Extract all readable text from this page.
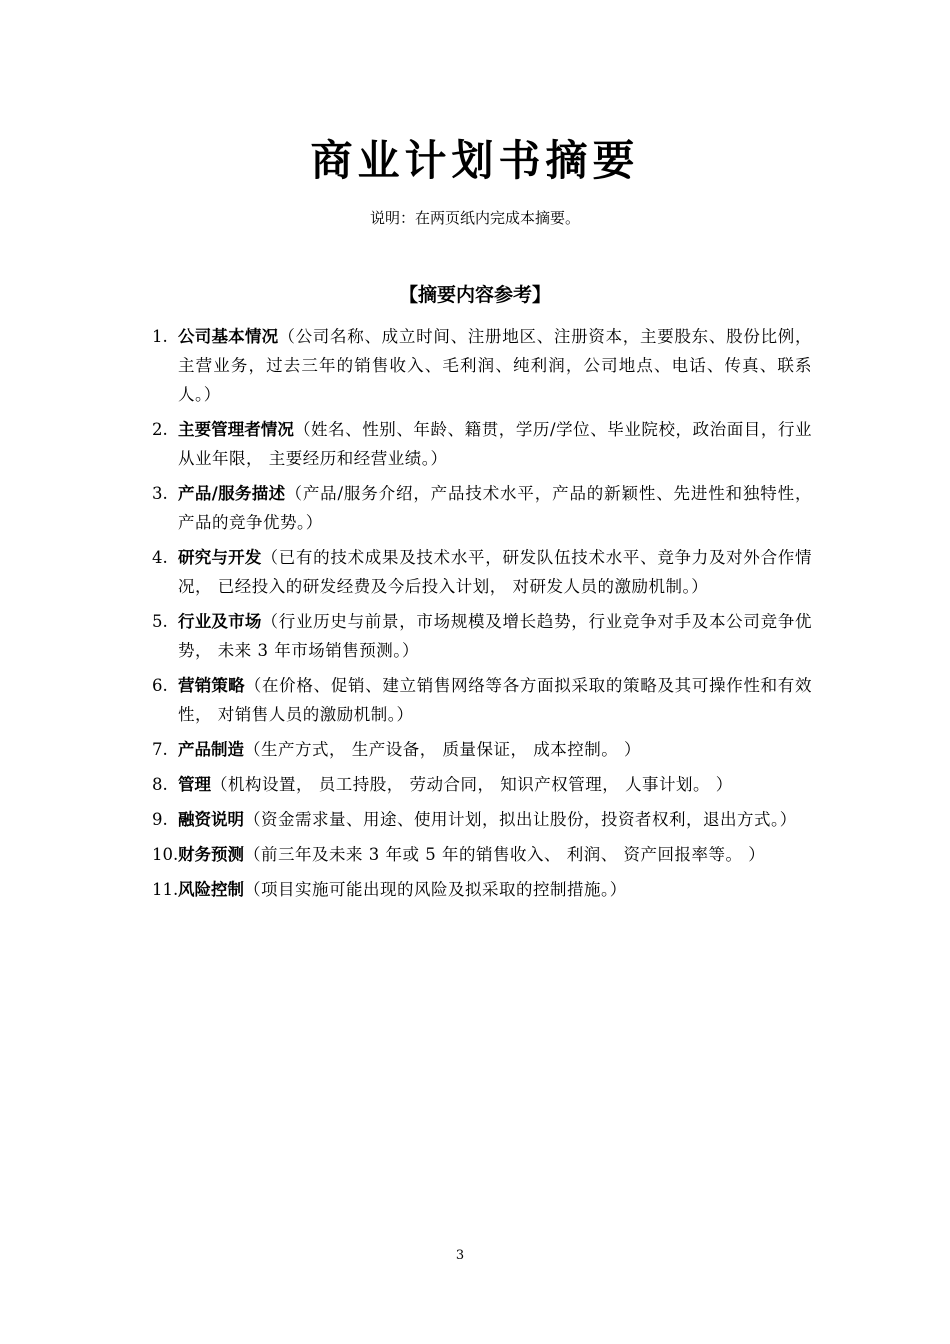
商业计划书摘要
说明：在两页纸内完成本摘要。
【摘要内容参考】
1. 公司基本情况（公司名称、成立时间、注册地区、注册资本，主要股东、股份比例，主营业务，过去三年的销售收入、毛利润、纯利润，公司地点、电话、传真、联系人。）
2. 主要管理者情况（姓名、性别、年龄、籍贯，学历/学位、毕业院校，政治面目，行业从业年限， 主要经历和经营业绩。）
3. 产品/服务描述（产品/服务介绍，产品技术水平，产品的新颖性、先进性和独特性， 产品的竞争优势。）
4. 研究与开发（已有的技术成果及技术水平，研发队伍技术水平、竞争力及对外合作情况， 已经投入的研发经费及今后投入计划， 对研发人员的激励机制。）
5. 行业及市场（行业历史与前景，市场规模及增长趋势，行业竞争对手及本公司竞争优势， 未来 3 年市场销售预测。）
6. 营销策略（在价格、促销、建立销售网络等各方面拟采取的策略及其可操作性和有效性， 对销售人员的激励机制。）
7. 产品制造（生产方式， 生产设备， 质量保证， 成本控制。 ）
8. 管理（机构设置， 员工持股， 劳动合同， 知识产权管理， 人事计划。 ）
9. 融资说明（资金需求量、用途、使用计划，拟出让股份，投资者权利，退出方式。）
10. 财务预测（前三年及未来 3 年或 5 年的销售收入、 利润、 资产回报率等。 ）
11. 风险控制（项目实施可能出现的风险及拟采取的控制措施。）
3
